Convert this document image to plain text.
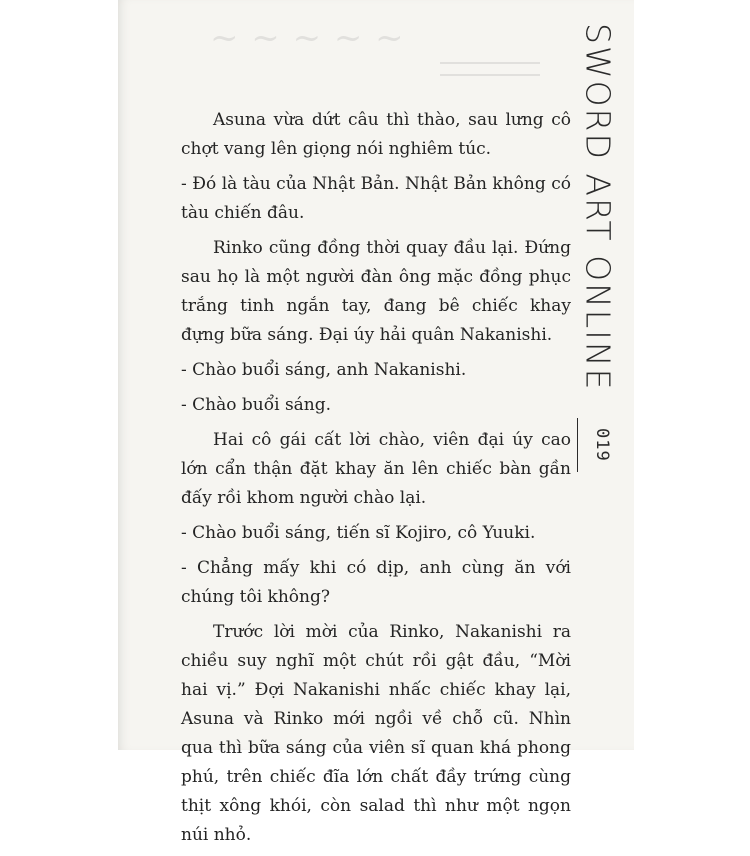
~ ~ ~ ~ ~

Asuna vừa dứt câu thì thào, sau lưng cô chợt vang lên giọng nói nghiêm túc.

- Đó là tàu của Nhật Bản. Nhật Bản không có tàu chiến đâu.

Rinko cũng đồng thời quay đầu lại. Đứng sau họ là một người đàn ông mặc đồng phục trắng tinh ngắn tay, đang bê chiếc khay đựng bữa sáng. Đại úy hải quân Nakanishi.

- Chào buổi sáng, anh Nakanishi.

- Chào buổi sáng.

Hai cô gái cất lời chào, viên đại úy cao lớn cẩn thận đặt khay ăn lên chiếc bàn gần đấy rồi khom người chào lại.

- Chào buổi sáng, tiến sĩ Kojiro, cô Yuuki.

- Chẳng mấy khi có dịp, anh cùng ăn với chúng tôi không?

Trước lời mời của Rinko, Nakanishi ra chiều suy nghĩ một chút rồi gật đầu, “Mời hai vị.” Đợi Nakanishi nhấc chiếc khay lại, Asuna và Rinko mới ngồi về chỗ cũ. Nhìn qua thì bữa sáng của viên sĩ quan khá phong phú, trên chiếc đĩa lớn chất đầy trứng cùng thịt xông khói, còn salad thì như một ngọn núi nhỏ.

SWORD ART ONLINE
019
